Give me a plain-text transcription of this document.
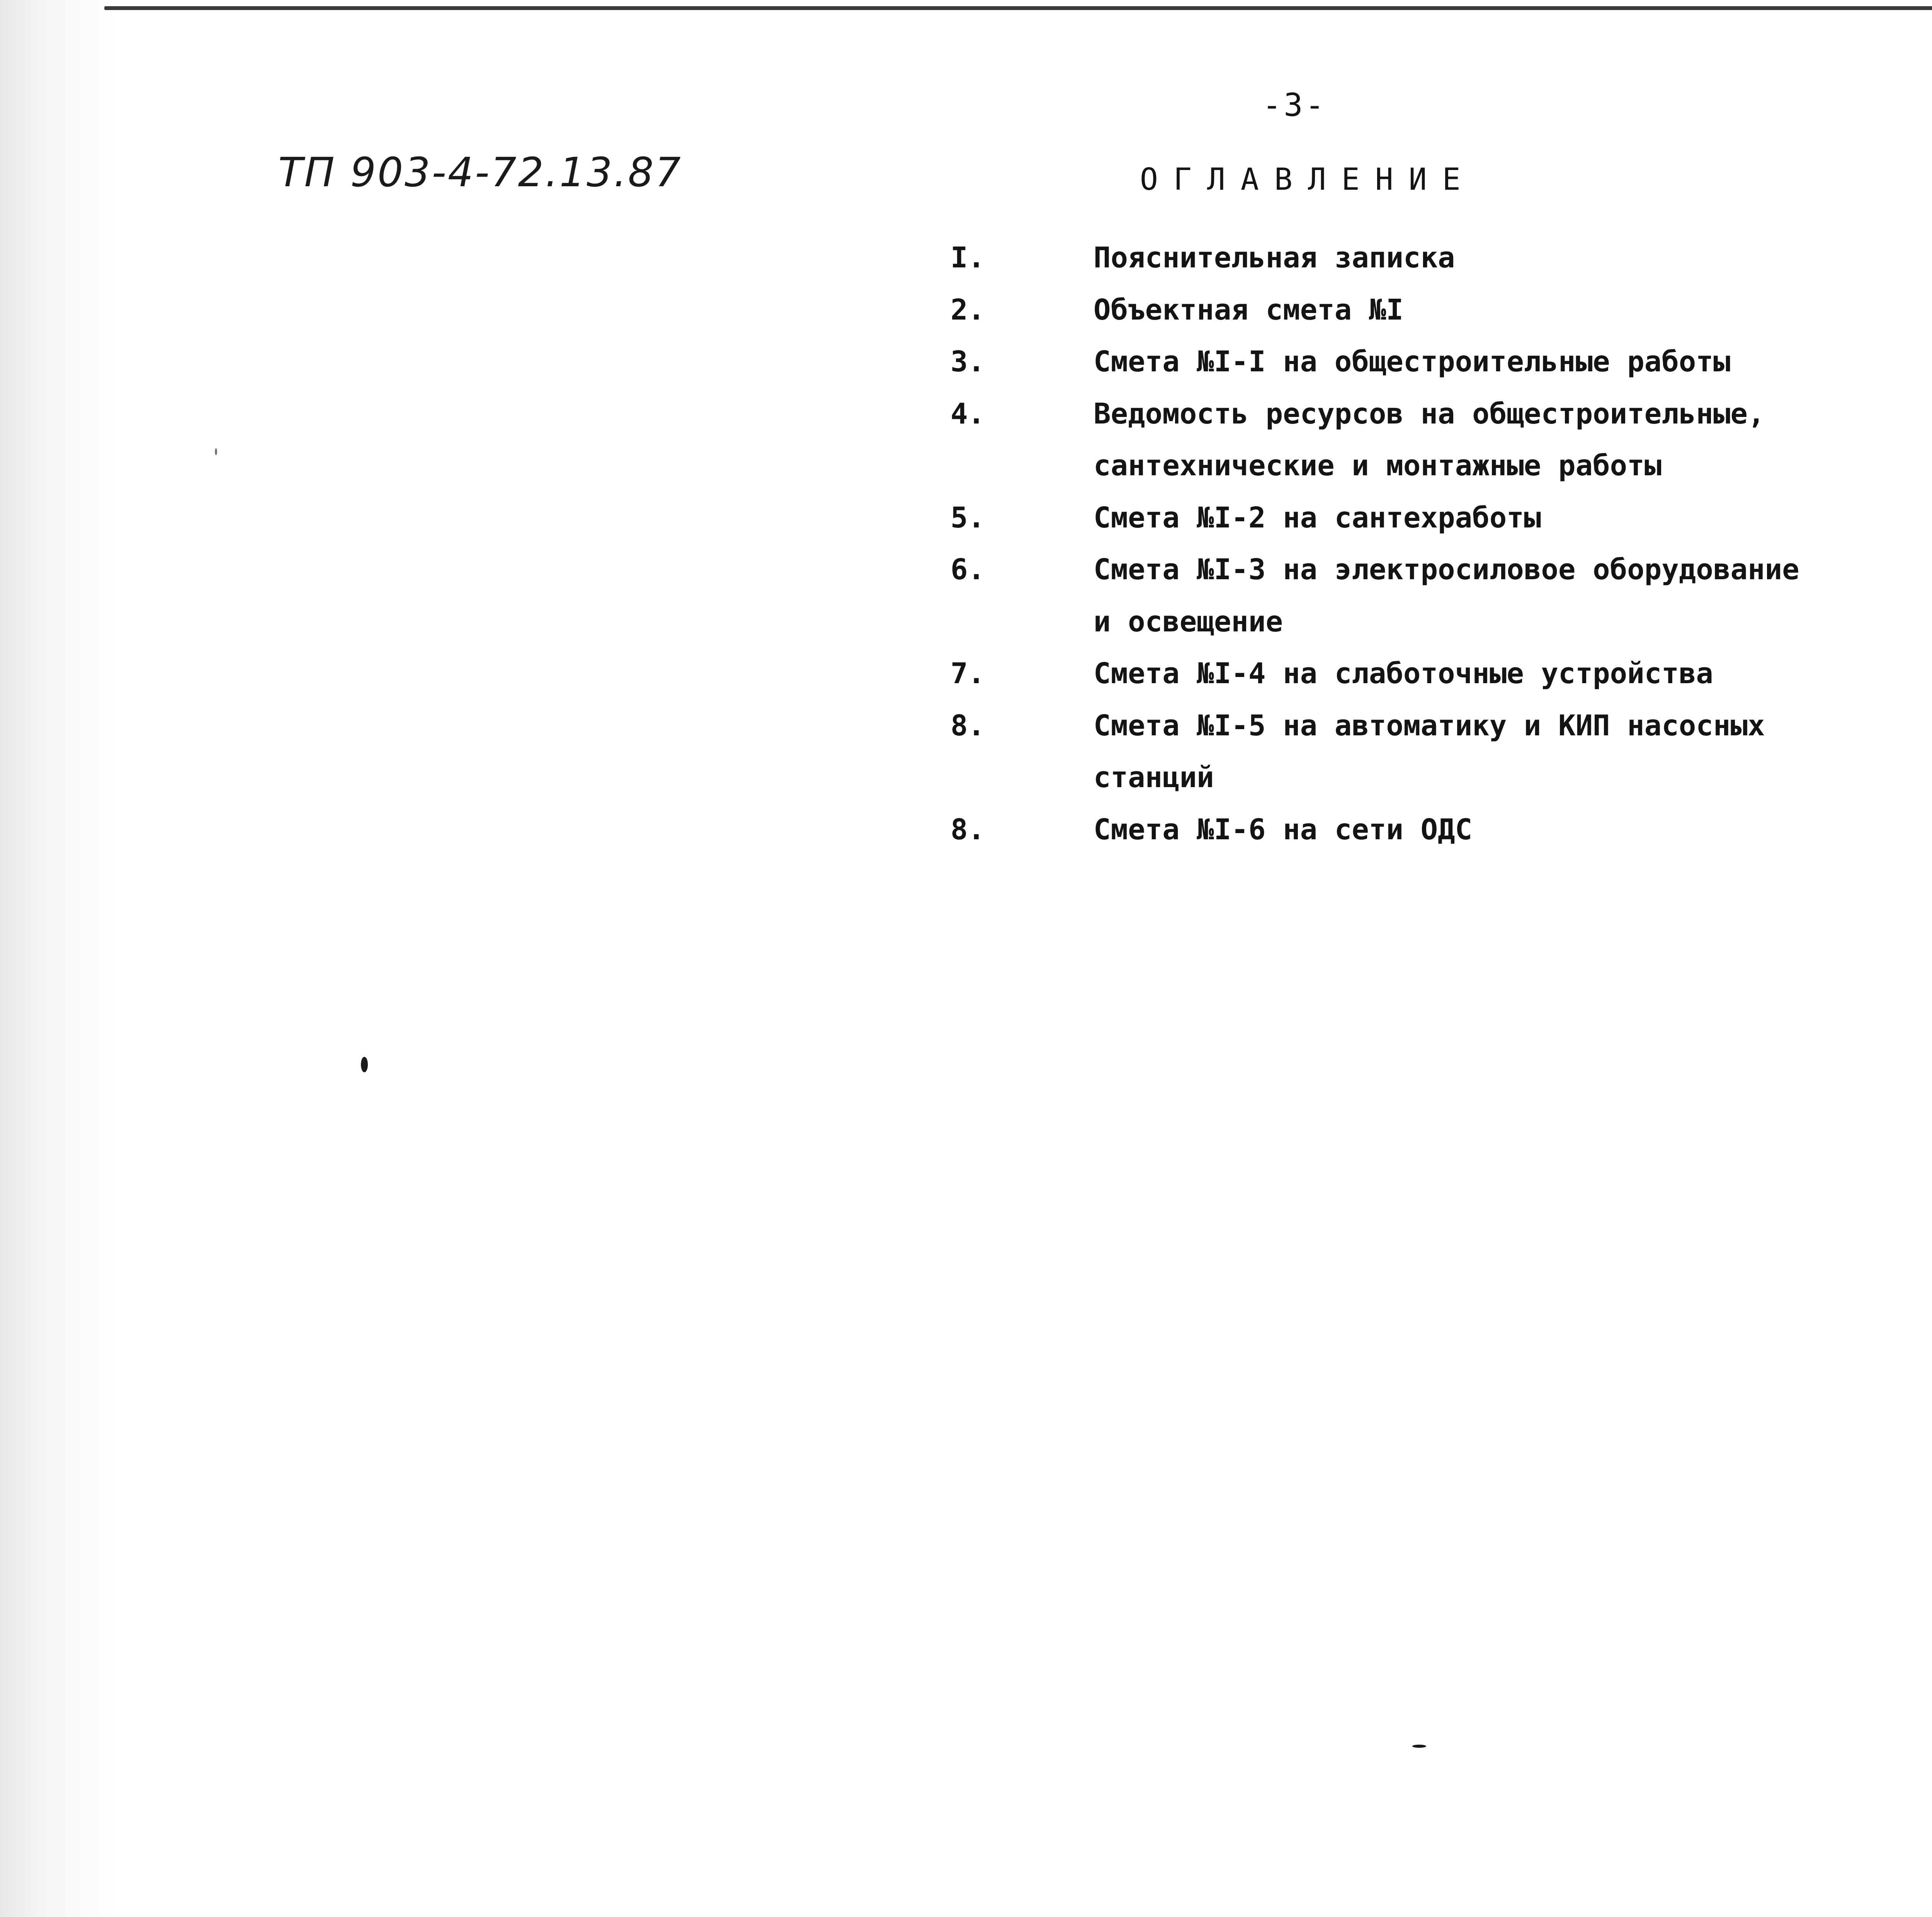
-3-
ТП 903-4-72.13.87	ОГЛАВЛЕНИЕ
I.	Пояснительная записка
2.	Объектная смета №I
3.	Смета №I-I на общестроительные работы
4.	Ведомость ресурсов на общестроительные,
сантехнические и монтажные работы
5.	Смета №I-2 на сантехработы
6.	Смета №I-3 на электросиловое оборудование
и освещение
7.	Смета №I-4 на слаботочные устройства
8.	Смета №I-5 на автоматику и КИП насосных
станций
8.	Смета №I-6 на сети ОДС
